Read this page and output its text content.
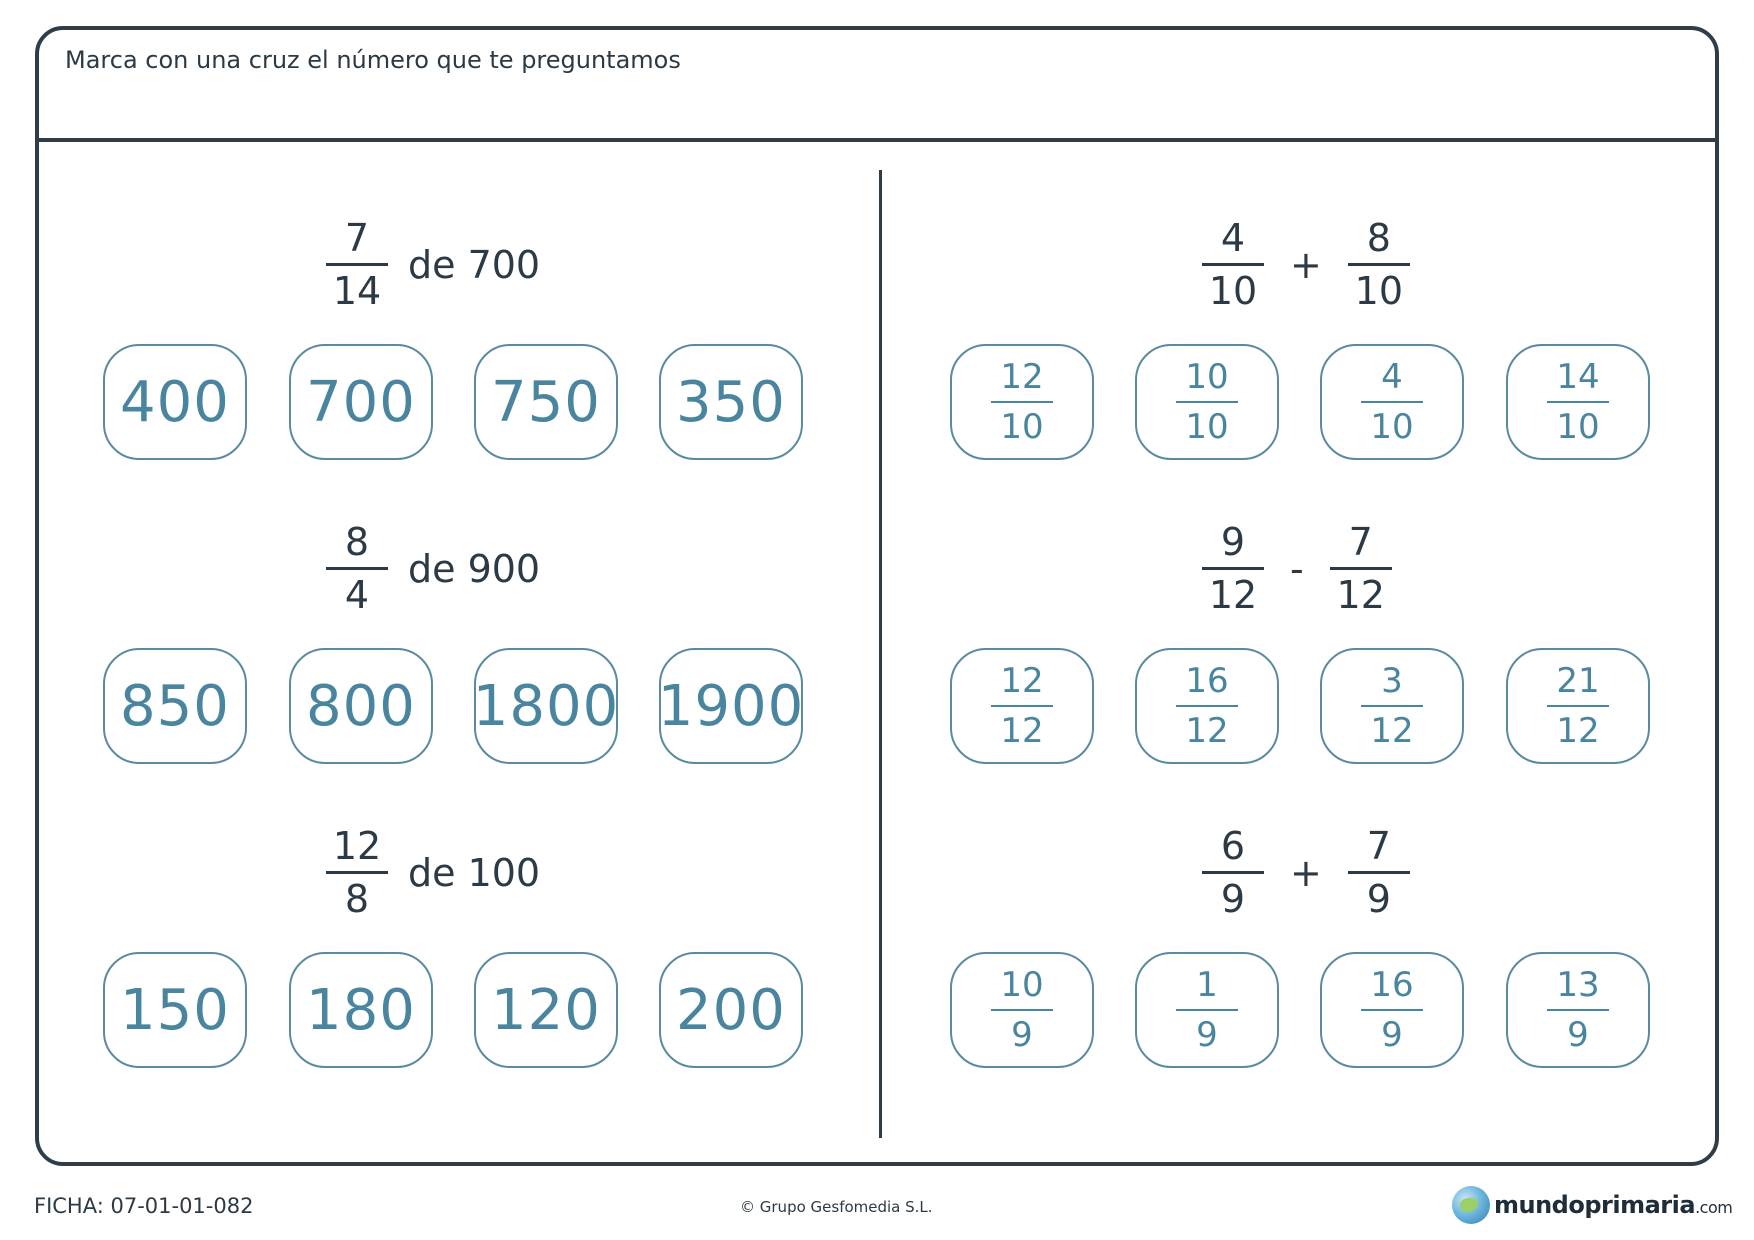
Marca con una cruz el número que te preguntamos
$\frac{7}{14}$ de 700
400	700	750	350
$\frac{8}{4}$ de 900
850	800	1800 1900
$\frac{12}{8}$ de 100
150	180	120	200
$\frac{4}{10} + \frac{8}{10}$
$\frac{12}{10}$	$\frac{10}{10}$	$\frac{4}{10}$	$\frac{14}{10}$
$\frac{9}{12} - \frac{7}{12}$
$\frac{12}{12}$	$\frac{16}{12}$	$\frac{3}{12}$	$\frac{21}{12}$
$\frac{6}{9} + \frac{7}{9}$
$\frac{10}{9}$	$\frac{1}{9}$	$\frac{16}{9}$	$\frac{13}{9}$
FICHA: 07-01-01-082	© Grupo Gesfomedia S.L.	mundoprimaria.com
